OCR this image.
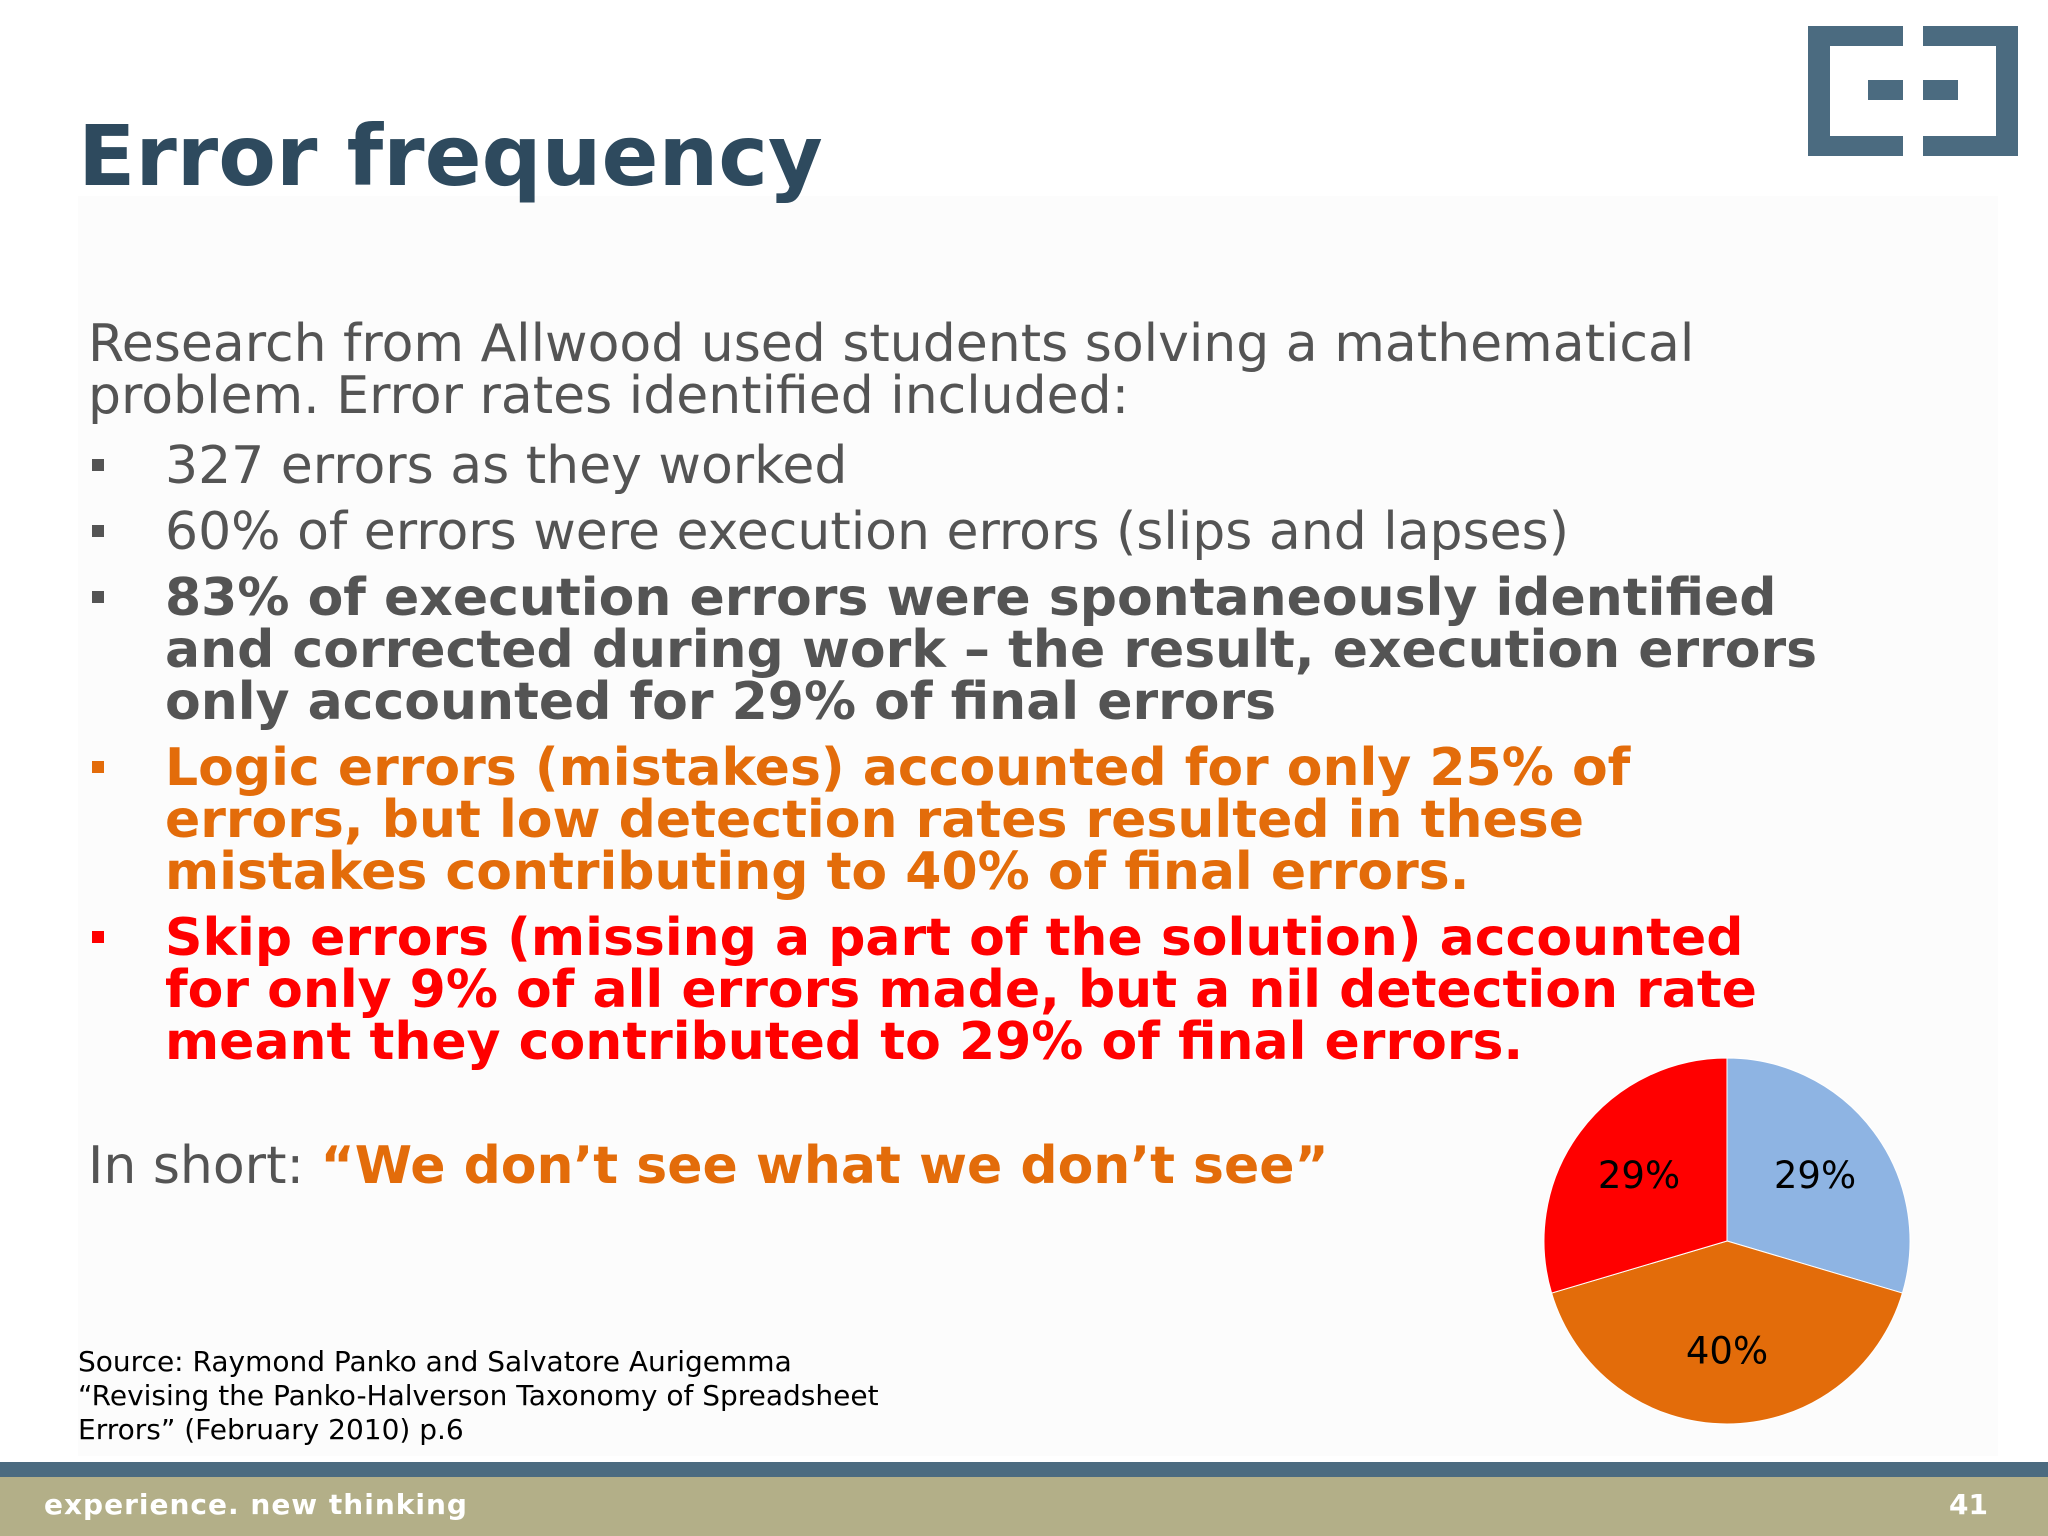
Error frequency

Research from Allwood used students solving a mathematical
problem. Error rates identified included:

327 errors as they worked
60% of errors were execution errors (slips and lapses)
83% of execution errors were spontaneously identified
and corrected during work – the result, execution errors
only accounted for 29% of final errors
Logic errors (mistakes) accounted for only 25% of
errors, but low detection rates resulted in these
mistakes contributing to 40% of final errors.
Skip errors (missing a part of the solution) accounted
for only 9% of all errors made, but a nil detection rate
meant they contributed to 29% of final errors.

In short: “We don’t see what we don’t see”	29%
40%
29%

Source: Raymond Panko and Salvatore Aurigemma
“Revising the Panko-Halverson Taxonomy of Spreadsheet
Errors” (February 2010) p.6

experience. new thinking	41
